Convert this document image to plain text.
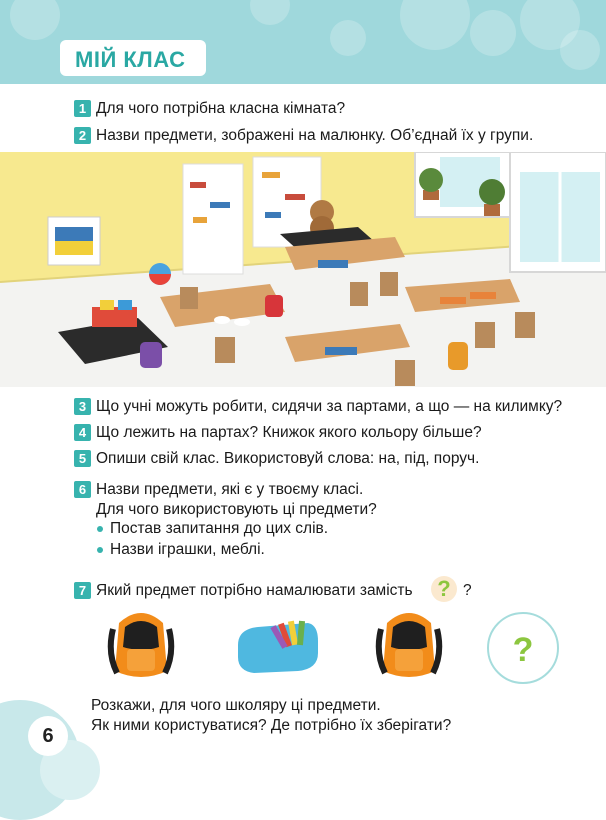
МІЙ КЛАС
1 Для чого потрібна класна кімната?
2 Назви предмети, зображені на малюнку. Об’єднай їх у групи.
3 Що учні можуть робити, сидячи за партами, а що — на килимку?
4 Що лежить на партах? Книжок якого кольору більше?
5 Опиши свій клас. Використовуй слова: на, під, поруч.
6 Назви предмети, які є у твоєму класі.
Для чого використовують ці предмети?
Постав запитання до цих слів.
Назви іграшки, меблі.
7 Який предмет потрібно намалювати замість ? ?
?
Розкажи, для чого школяру ці предмети.
Як ними користуватися? Де потрібно їх зберігати?
6
